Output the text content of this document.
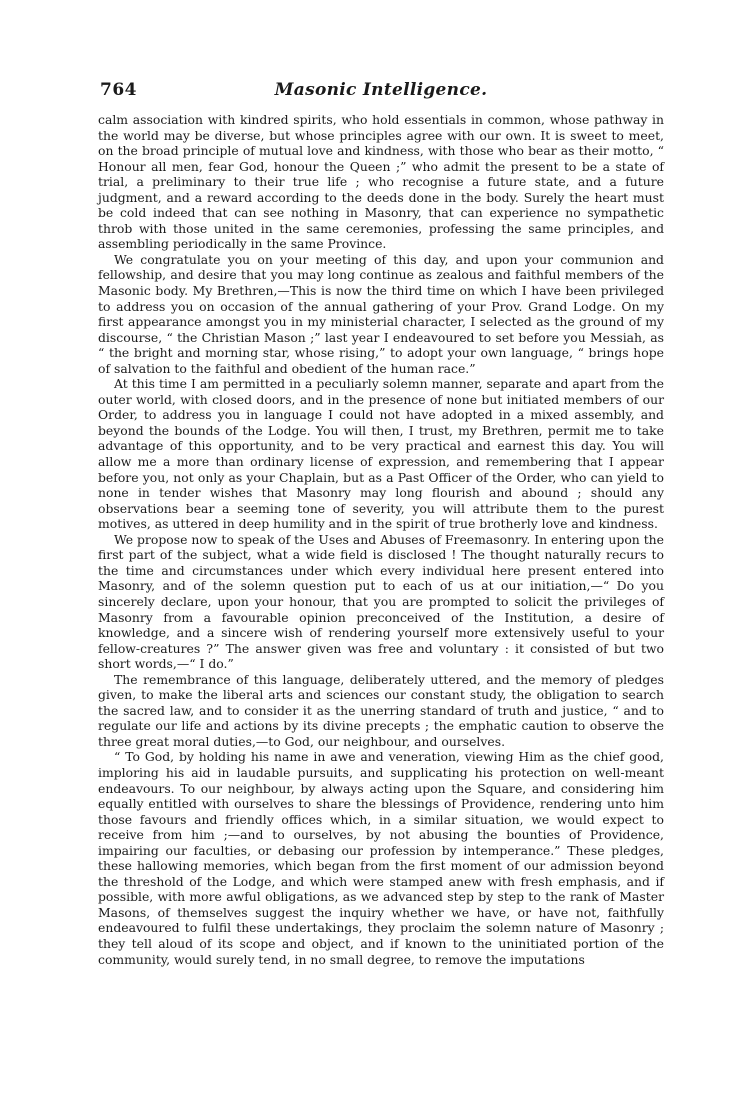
764	Masonic Intelligence.

calm association with kindred spirits, who hold essentials in common, whose pathway in the world may be diverse, but whose principles agree with our own. It is sweet to meet, on the broad principle of mutual love and kindness, with those who bear as their motto, “ Honour all men, fear God, honour the Queen ;” who admit the present to be a state of trial, a preliminary to their true life ; who recognise a future state, and a future judgment, and a reward according to the deeds done in the body. Surely the heart must be cold indeed that can see nothing in Masonry, that can experience no sympathetic throb with those united in the same ceremonies, professing the same principles, and assembling periodically in the same Province.

We congratulate you on your meeting of this day, and upon your communion and fellowship, and desire that you may long continue as zealous and faithful members of the Masonic body. My Brethren,—This is now the third time on which I have been privileged to address you on occasion of the annual gathering of your Prov. Grand Lodge. On my first appearance amongst you in my ministerial character, I selected as the ground of my discourse, “ the Christian Mason ;” last year I endeavoured to set before you Messiah, as “ the bright and morning star, whose rising,” to adopt your own language, “ brings hope of salvation to the faithful and obedient of the human race.”

At this time I am permitted in a peculiarly solemn manner, separate and apart from the outer world, with closed doors, and in the presence of none but initiated members of our Order, to address you in language I could not have adopted in a mixed assembly, and beyond the bounds of the Lodge. You will then, I trust, my Brethren, permit me to take advantage of this opportunity, and to be very practical and earnest this day. You will allow me a more than ordinary license of expression, and remembering that I appear before you, not only as your Chaplain, but as a Past Officer of the Order, who can yield to none in tender wishes that Masonry may long flourish and abound ; should any observations bear a seeming tone of severity, you will attribute them to the purest motives, as uttered in deep humility and in the spirit of true brotherly love and kindness.

We propose now to speak of the Uses and Abuses of Freemasonry. In entering upon the first part of the subject, what a wide field is disclosed ! The thought naturally recurs to the time and circumstances under which every individual here present entered into Masonry, and of the solemn question put to each of us at our initiation,—“ Do you sincerely declare, upon your honour, that you are prompted to solicit the privileges of Masonry from a favourable opinion preconceived of the Institution, a desire of knowledge, and a sincere wish of rendering yourself more extensively useful to your fellow-creatures ?” The answer given was free and voluntary : it consisted of but two short words,—“ I do.”

The remembrance of this language, deliberately uttered, and the memory of pledges given, to make the liberal arts and sciences our constant study, the obligation to search the sacred law, and to consider it as the unerring standard of truth and justice, “ and to regulate our life and actions by its divine precepts ; the emphatic caution to observe the three great moral duties,—to God, our neighbour, and ourselves.

“ To God, by holding his name in awe and veneration, viewing Him as the chief good, imploring his aid in laudable pursuits, and supplicating his protection on well-meant endeavours. To our neighbour, by always acting upon the Square, and considering him equally entitled with ourselves to share the blessings of Providence, rendering unto him those favours and friendly offices which, in a similar situation, we would expect to receive from him ;—and to ourselves, by not abusing the bounties of Providence, impairing our faculties, or debasing our profession by intemperance.” These pledges, these hallowing memories, which began from the first moment of our admission beyond the threshold of the Lodge, and which were stamped anew with fresh emphasis, and if possible, with more awful obligations, as we advanced step by step to the rank of Master Masons, of themselves suggest the inquiry whether we have, or have not, faithfully endeavoured to fulfil these undertakings, they proclaim the solemn nature of Masonry ; they tell aloud of its scope and object, and if known to the uninitiated portion of the community, would surely tend, in no small degree, to remove the imputations
